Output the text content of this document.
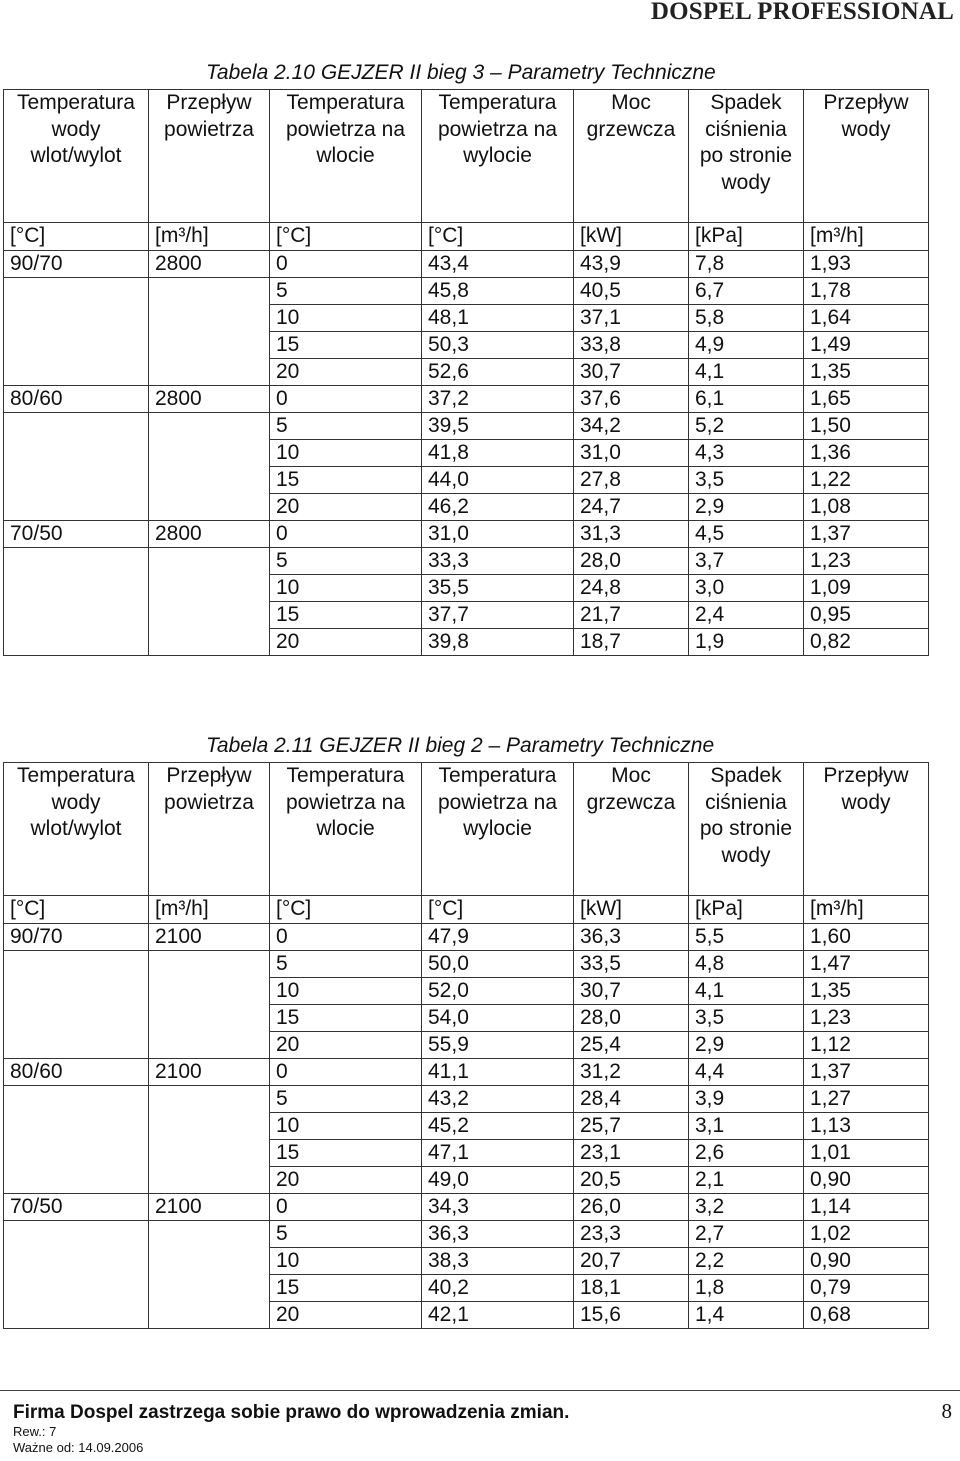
DOSPEL PROFESSIONAL
Tabela 2.10 GEJZER II bieg 3 – Parametry Techniczne
Temperatura wody wlot/wylot	Przepływ powietrza	Temperatura powietrza na wlocie	Temperatura powietrza na wylocie	Moc grzewcza	Spadek ciśnienia po stronie wody	Przepływ wody
[°C]	[m³/h]	[°C]	[°C]	[kW]	[kPa]	[m³/h]
90/70	2800	0	43,4	43,9	7,8	1,93
		5	45,8	40,5	6,7	1,78
		10	48,1	37,1	5,8	1,64
		15	50,3	33,8	4,9	1,49
		20	52,6	30,7	4,1	1,35
80/60	2800	0	37,2	37,6	6,1	1,65
		5	39,5	34,2	5,2	1,50
		10	41,8	31,0	4,3	1,36
		15	44,0	27,8	3,5	1,22
		20	46,2	24,7	2,9	1,08
70/50	2800	0	31,0	31,3	4,5	1,37
		5	33,3	28,0	3,7	1,23
		10	35,5	24,8	3,0	1,09
		15	37,7	21,7	2,4	0,95
		20	39,8	18,7	1,9	0,82
Tabela 2.11 GEJZER II bieg 2 – Parametry Techniczne
Temperatura wody wlot/wylot	Przepływ powietrza	Temperatura powietrza na wlocie	Temperatura powietrza na wylocie	Moc grzewcza	Spadek ciśnienia po stronie wody	Przepływ wody
[°C]	[m³/h]	[°C]	[°C]	[kW]	[kPa]	[m³/h]
90/70	2100	0	47,9	36,3	5,5	1,60
		5	50,0	33,5	4,8	1,47
		10	52,0	30,7	4,1	1,35
		15	54,0	28,0	3,5	1,23
		20	55,9	25,4	2,9	1,12
80/60	2100	0	41,1	31,2	4,4	1,37
		5	43,2	28,4	3,9	1,27
		10	45,2	25,7	3,1	1,13
		15	47,1	23,1	2,6	1,01
		20	49,0	20,5	2,1	0,90
70/50	2100	0	34,3	26,0	3,2	1,14
		5	36,3	23,3	2,7	1,02
		10	38,3	20,7	2,2	0,90
		15	40,2	18,1	1,8	0,79
		20	42,1	15,6	1,4	0,68
Firma Dospel zastrzega sobie prawo do wprowadzenia zmian.
Rew.: 7
Ważne od: 14.09.2006
8
